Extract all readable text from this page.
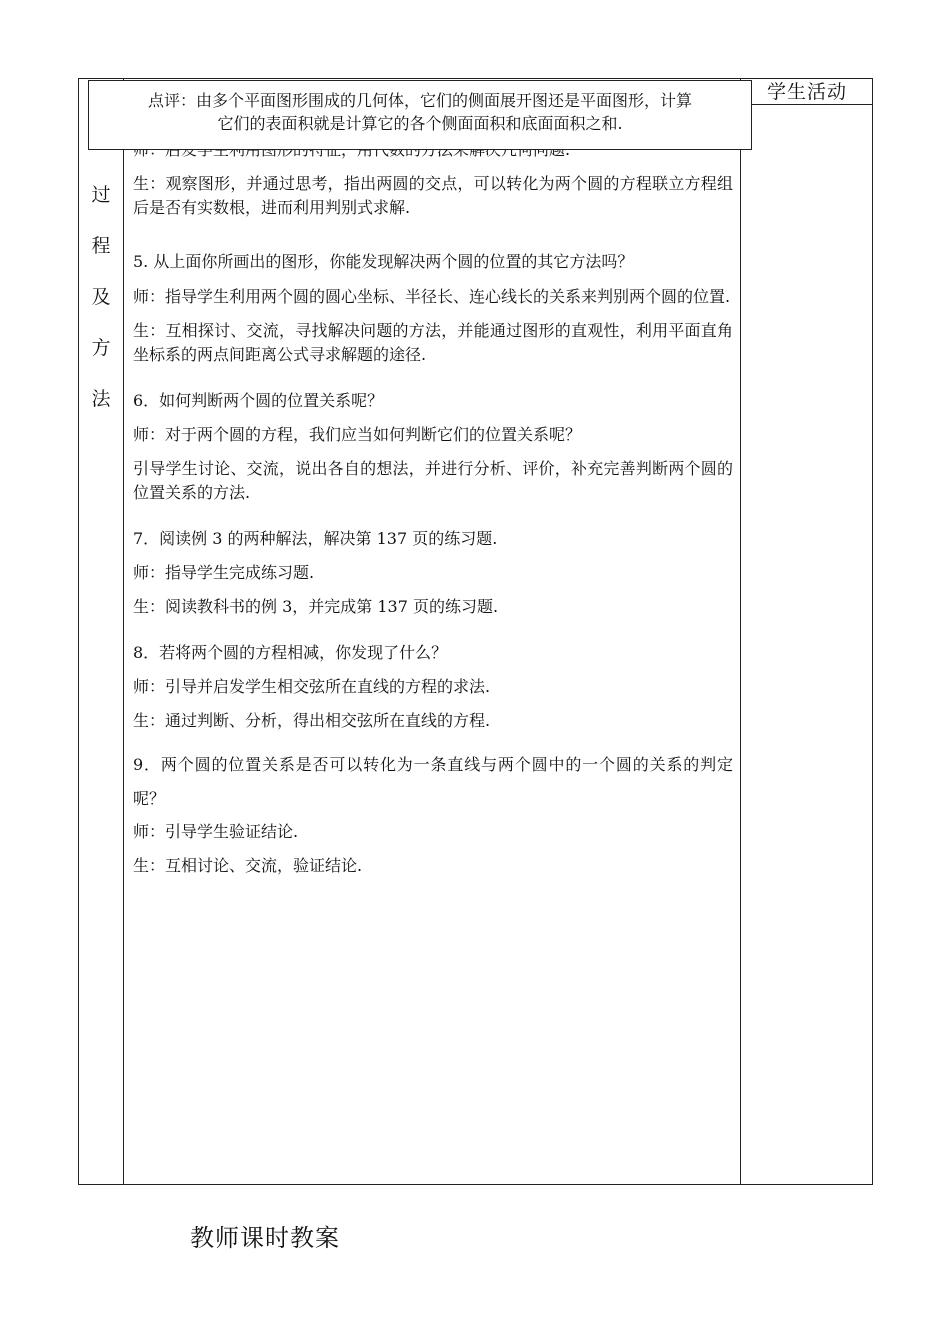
学生活动
过
程
及
方
法

生：观察图形，并通过思考，指出两圆的交点，可以转化为两个圆的方程联立方程组后是否有实数根，进而利用判别式求解.

5. 从上面你所画出的图形，你能发现解决两个圆的位置的其它方法吗？

师：指导学生利用两个圆的圆心坐标、半径长、连心线长的关系来判别两个圆的位置.

生：互相探讨、交流，寻找解决问题的方法，并能通过图形的直观性，利用平面直角坐标系的两点间距离公式寻求解题的途径.

6．如何判断两个圆的位置关系呢？

师：对于两个圆的方程，我们应当如何判断它们的位置关系呢？

引导学生讨论、交流，说出各自的想法，并进行分析、评价，补充完善判断两个圆的位置关系的方法.

7．阅读例 3 的两种解法，解决第 137 页的练习题.

师：指导学生完成练习题.

生：阅读教科书的例 3，并完成第 137 页的练习题.

8．若将两个圆的方程相减，你发现了什么？

师：引导并启发学生相交弦所在直线的方程的求法.

生：通过判断、分析，得出相交弦所在直线的方程.

9．两个圆的位置关系是否可以转化为一条直线与两个圆中的一个圆的关系的判定呢？

师：引导学生验证结论.

生：互相讨论、交流，验证结论.

点评：由多个平面图形围成的几何体，它们的侧面展开图还是平面图形，计算
它们的表面积就是计算它的各个侧面面积和底面面积之和.
教师课时教案
